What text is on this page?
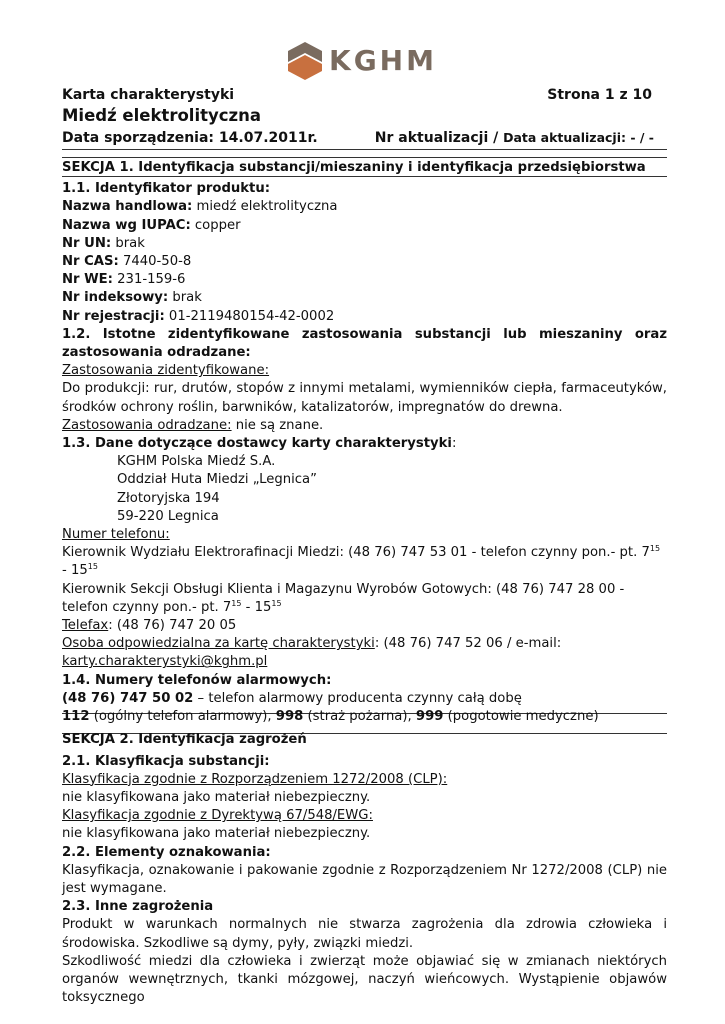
KGHM
Karta charakterystyki	Strona 1 z 10
Miedź elektrolityczna
Data sporządzenia: 14.07.2011r.	Nr aktualizacji / Data aktualizacji: - / -

SEKCJA 1. Identyfikacja substancji/mieszaniny i identyfikacja przedsiębiorstwa

1.1. Identyfikator produktu:

Nazwa handlowa: miedź elektrolityczna

Nazwa wg IUPAC: copper

Nr UN: brak

Nr CAS: 7440-50-8

Nr WE: 231-159-6

Nr indeksowy: brak

Nr rejestracji: 01-2119480154-42-0002

1.2. Istotne zidentyfikowane zastosowania substancji lub mieszaniny oraz zastosowania odradzane:

Zastosowania zidentyfikowane:

Do produkcji: rur, drutów, stopów z innymi metalami, wymienników ciepła, farmaceutyków, środków ochrony roślin, barwników, katalizatorów, impregnatów do drewna.

Zastosowania odradzane: nie są znane.

1.3. Dane dotyczące dostawcy karty charakterystyki:

KGHM Polska Miedź S.A.

Oddział Huta Miedzi „Legnica”

Złotoryjska 194

59-220 Legnica

Numer telefonu:

Kierownik Wydziału Elektrorafinacji Miedzi: (48 76) 747 53 01 - telefon czynny pon.- pt. $7^{15} - 15^{15}$

Kierownik Sekcji Obsługi Klienta i Magazynu Wyrobów Gotowych: (48 76) 747 28 00 - telefon czynny pon.- pt. $7^{15} - 15^{15}$

Telefax: (48 76) 747 20 05

Osoba odpowiedzialna za kartę charakterystyki: (48 76) 747 52 06 / e-mail:

karty.charakterystyki@kghm.pl

1.4. Numery telefonów alarmowych:

(48 76) 747 50 02 – telefon alarmowy producenta czynny całą dobę

112 (ogólny telefon alarmowy), 998 (straż pożarna), 999 (pogotowie medyczne)

SEKCJA 2. Identyfikacja zagrożeń

2.1. Klasyfikacja substancji:

Klasyfikacja zgodnie z Rozporządzeniem 1272/2008 (CLP):

nie klasyfikowana jako materiał niebezpieczny.

Klasyfikacja zgodnie z Dyrektywą 67/548/EWG:

nie klasyfikowana jako materiał niebezpieczny.

2.2. Elementy oznakowania:

Klasyfikacja, oznakowanie i pakowanie zgodnie z Rozporządzeniem Nr 1272/2008 (CLP) nie jest wymagane.

2.3. Inne zagrożenia

Produkt w warunkach normalnych nie stwarza zagrożenia dla zdrowia człowieka i środowiska. Szkodliwe są dymy, pyły, związki miedzi.

Szkodliwość miedzi dla człowieka i zwierząt może objawiać się w zmianach niektórych organów wewnętrznych, tkanki mózgowej, naczyń wieńcowych. Wystąpienie objawów toksycznego
